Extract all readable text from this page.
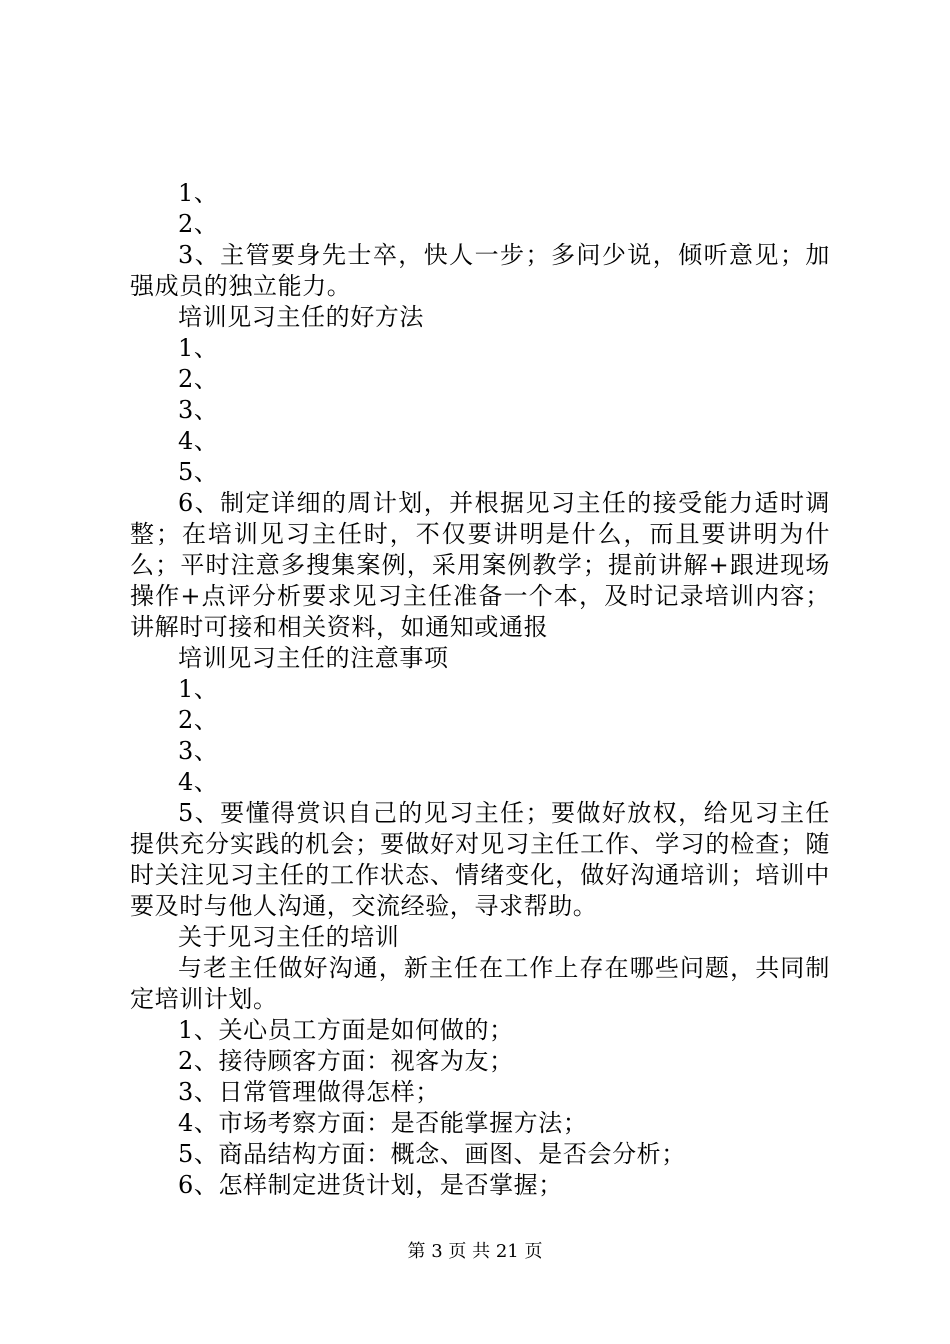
1、

2、

3、主管要身先士卒，快人一步；多问少说，倾听意见；加强成员的独立能力。

培训见习主任的好方法

1、

2、

3、

4、

5、

6、制定详细的周计划，并根据见习主任的接受能力适时调整；在培训见习主任时，不仅要讲明是什么，而且要讲明为什么；平时注意多搜集案例，采用案例教学；提前讲解+跟进现场操作+点评分析要求见习主任准备一个本，及时记录培训内容；讲解时可接和相关资料，如通知或通报

培训见习主任的注意事项

1、

2、

3、

4、

5、要懂得赏识自己的见习主任；要做好放权，给见习主任提供充分实践的机会；要做好对见习主任工作、学习的检查；随时关注见习主任的工作状态、情绪变化，做好沟通培训；培训中要及时与他人沟通，交流经验，寻求帮助。

关于见习主任的培训

与老主任做好沟通，新主任在工作上存在哪些问题，共同制定培训计划。

1、关心员工方面是如何做的；

2、接待顾客方面：视客为友；

3、日常管理做得怎样；

4、市场考察方面：是否能掌握方法；

5、商品结构方面：概念、画图、是否会分析；

6、怎样制定进货计划，是否掌握；

第 3 页 共 21 页
